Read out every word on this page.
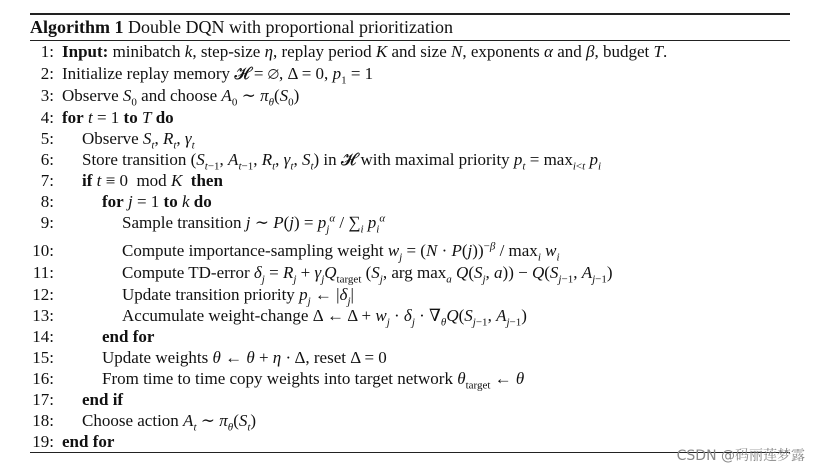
Algorithm 1 Double DQN with proportional prioritization
1: Input: minibatch k, step-size η, replay period K and size N, exponents α and β, budget T.
2: Initialize replay memory 𝓗 = ∅, Δ = 0, $p_1 = 1$
3: Observe $S_0$ and choose $A_0$ ∼ $\pi_\theta(S_0)$
4: for t = 1 to T do
5: Observe $S_t$, $R_t$, $\gamma_t$
6: Store transition ($S_{t-1}$, $A_{t-1}$, $R_t$, $\gamma_t$, $S_t$) in 𝓗 with maximal priority $p_t = \max_{i<t} p_i$
7: if t ≡ 0  mod K then
8:	for j = 1 to k do
9:	Sample transition j ∼ $P(j) = p_j^\alpha / \sum_i$ $p_i^\alpha$
10:	Compute importance-sampling weight $w_j = (N \cdot P(j))^{-\beta} / \max_i w_i$
11:	Compute TD-error $\delta_j = R_j + \gamma_jQ_{target}$ ($S_j$, arg $\max_a Q(S_j$, $a)) - Q(S_{j-1}$, $A_{j-1}$)
12:	Update transition priority $p_j$ ← $|\delta_j|$
13:	Accumulate weight-change Δ ← $\Delta + w_j \cdot \delta_j \cdot \nabla_\theta Q(S_{j-1}$, $A_{j-1}$)
14:	end for
15:	Update weights θ ← θ + η · Δ, reset Δ = 0
16:	From time to time copy weights into target network $\theta_{target}$ ← θ
17: end if
18: Choose action $A_t$ ∼ $\pi_\theta(S_t)$
19: end for
CSDN @码丽莲梦露
